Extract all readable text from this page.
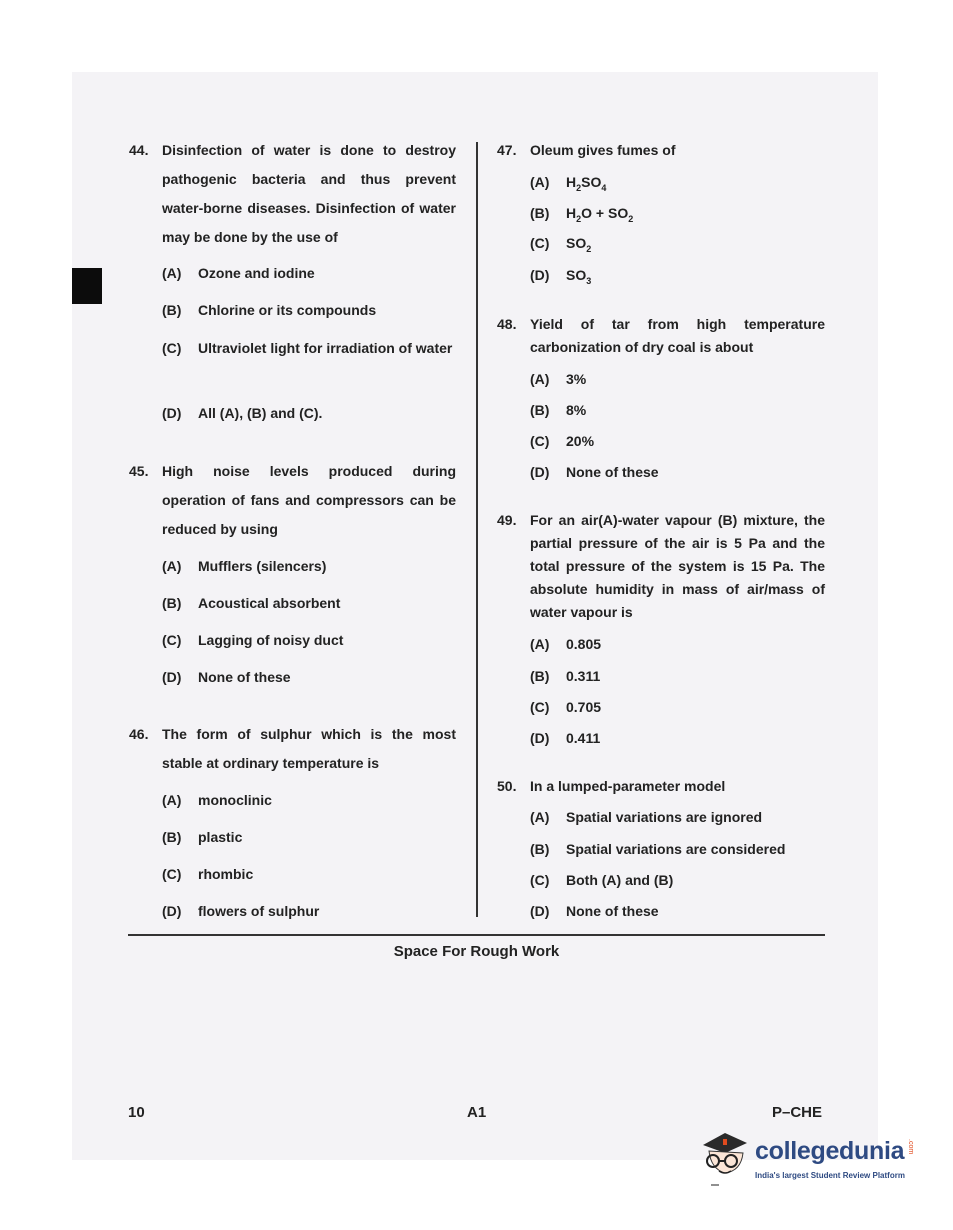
44. Disinfection of water is done to destroy pathogenic bacteria and thus prevent water-borne diseases. Disinfection of water may be done by the use of
(A) Ozone and iodine
(B) Chlorine or its compounds
(C) Ultraviolet light for irradiation of water
(D) All (A), (B) and (C).
45. High noise levels produced during operation of fans and compressors can be reduced by using
(A) Mufflers (silencers)
(B) Acoustical absorbent
(C) Lagging of noisy duct
(D) None of these
46. The form of sulphur which is the most stable at ordinary temperature is
(A) monoclinic
(B) plastic
(C) rhombic
(D) flowers of sulphur
47. Oleum gives fumes of
(A) $H_2SO_4$
(B) $H_2O + SO_2$
(C) $SO_2$
(D) $SO_3$
48. Yield of tar from high temperature carbonization of dry coal is about
(A) 3%
(B) 8%
(C) 20%
(D) None of these
49. For an air(A)-water vapour (B) mixture, the partial pressure of the air is 5 Pa and the total pressure of the system is 15 Pa. The absolute humidity in mass of air/mass of water vapour is
(A) 0.805
(B) 0.311
(C) 0.705
(D) 0.411
50. In a lumped-parameter model
(A) Spatial variations are ignored
(B) Spatial variations are considered
(C) Both (A) and (B)
(D) None of these
Space For Rough Work
10	A1	P–CHE
collegedunia .com
India's largest Student Review Platform
